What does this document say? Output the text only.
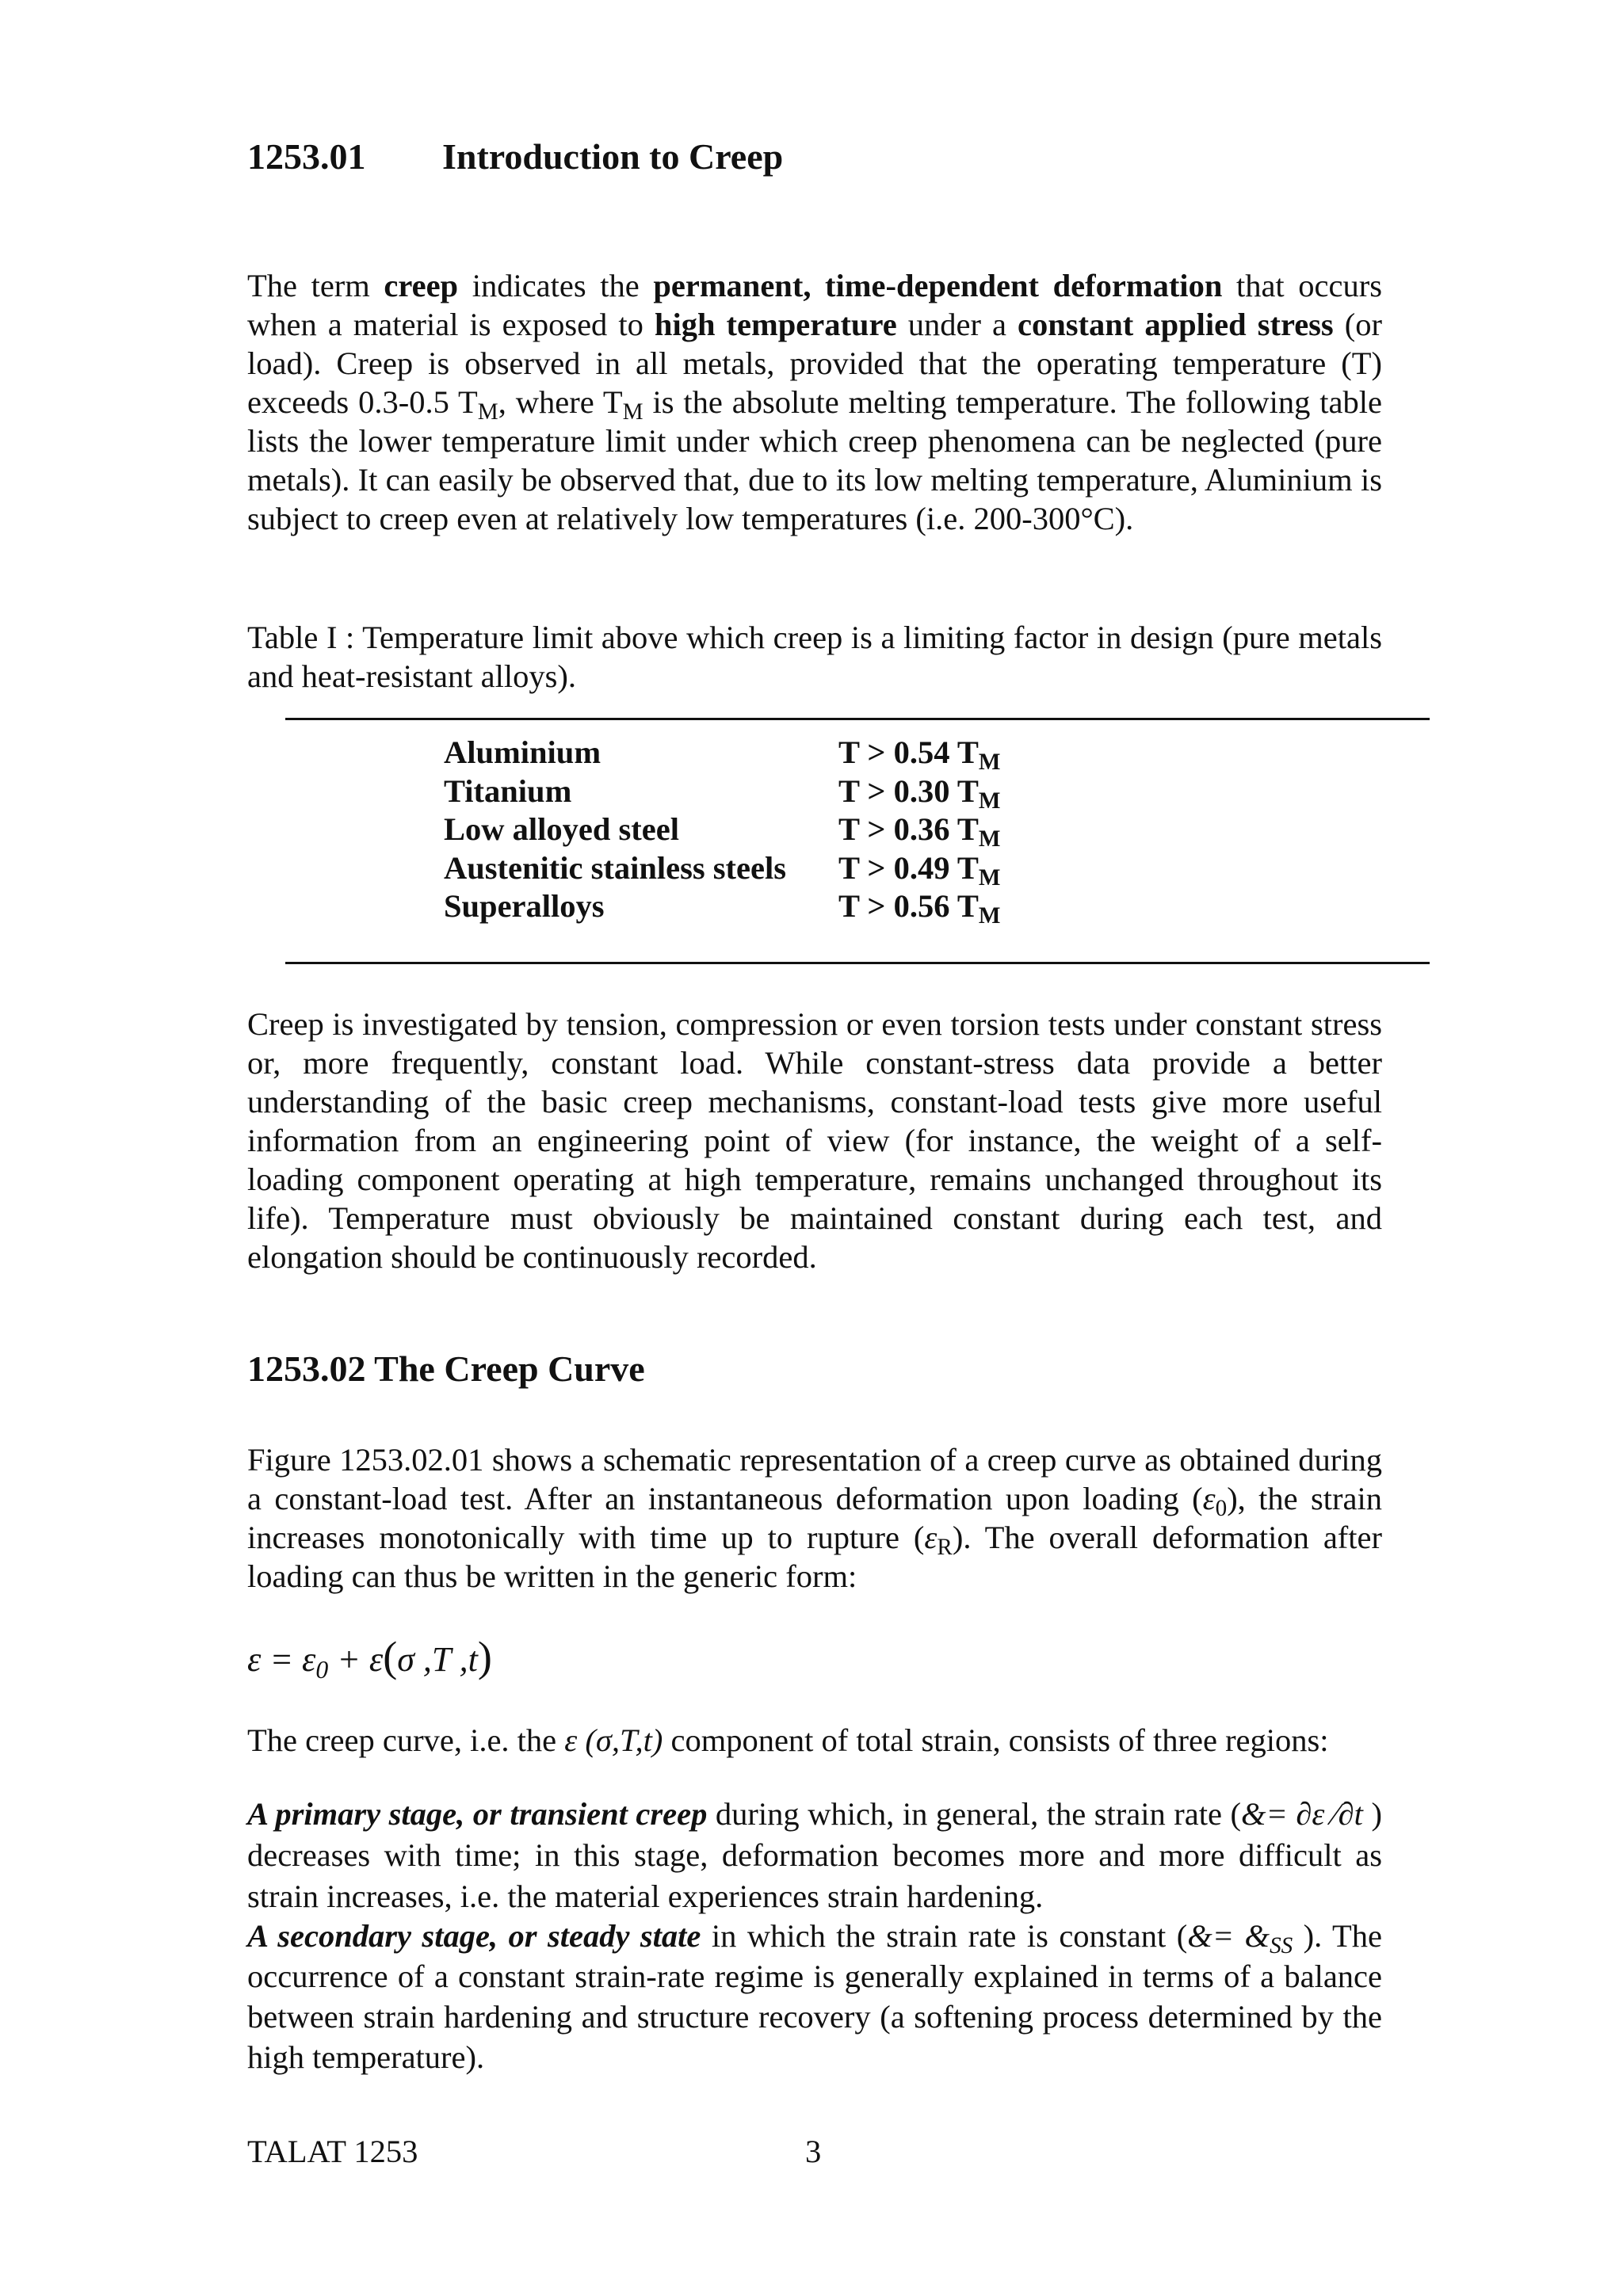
1253.01 Introduction to Creep

The term creep indicates the permanent, time-dependent deformation that occurs when a material is exposed to high temperature under a constant applied stress (or load). Creep is observed in all metals, provided that the operating temperature (T) exceeds 0.3-0.5 $T_M$, where $T_M$ is the absolute melting temperature. The following table lists the lower temperature limit under which creep phenomena can be neglected (pure metals). It can easily be observed that, due to its low melting temperature, Aluminium is subject to creep even at relatively low temperatures (i.e. 200-300°C).

Table I : Temperature limit above which creep is a limiting factor in design (pure metals and heat-resistant alloys).

Aluminium	T > 0.54 $T_M$
Titanium	T > 0.30 $T_M$
Low alloyed steel	T > 0.36 $T_M$
Austenitic stainless steels	T > 0.49 $T_M$
Superalloys	T > 0.56 $T_M$

Creep is investigated by tension, compression or even torsion tests under constant stress or, more frequently, constant load. While constant-stress data provide a better understanding of the basic creep mechanisms, constant-load tests give more useful information from an engineering point of view (for instance, the weight of a self-loading component operating at high temperature, remains unchanged throughout its life). Temperature must obviously be maintained constant during each test, and elongation should be continuously recorded.

1253.02 The Creep Curve

Figure 1253.02.01 shows a schematic representation of a creep curve as obtained during a constant-load test. After an instantaneous deformation upon loading $(\varepsilon_0)$, the strain increases monotonically with time up to rupture $(\varepsilon_R)$. The overall deformation after loading can thus be written in the generic form:

$\varepsilon = \varepsilon_0 + \varepsilon(\sigma$ ,T ,t)

The creep curve, i.e. the ε (σ,T,t) component of total strain, consists of three regions:

A primary stage, or transient creep during which, in general, the strain rate (&= ∂ε ∕∂t ) decreases with time; in this stage, deformation becomes more and more difficult as strain increases, i.e. the material experiences strain hardening.

A secondary stage, or steady state in which the strain rate is constant (&= $\&_{SS}$ ). The occurrence of a constant strain-rate regime is generally explained in terms of a balance between strain hardening and structure recovery (a softening process determined by the high temperature).

TALAT 1253	3
